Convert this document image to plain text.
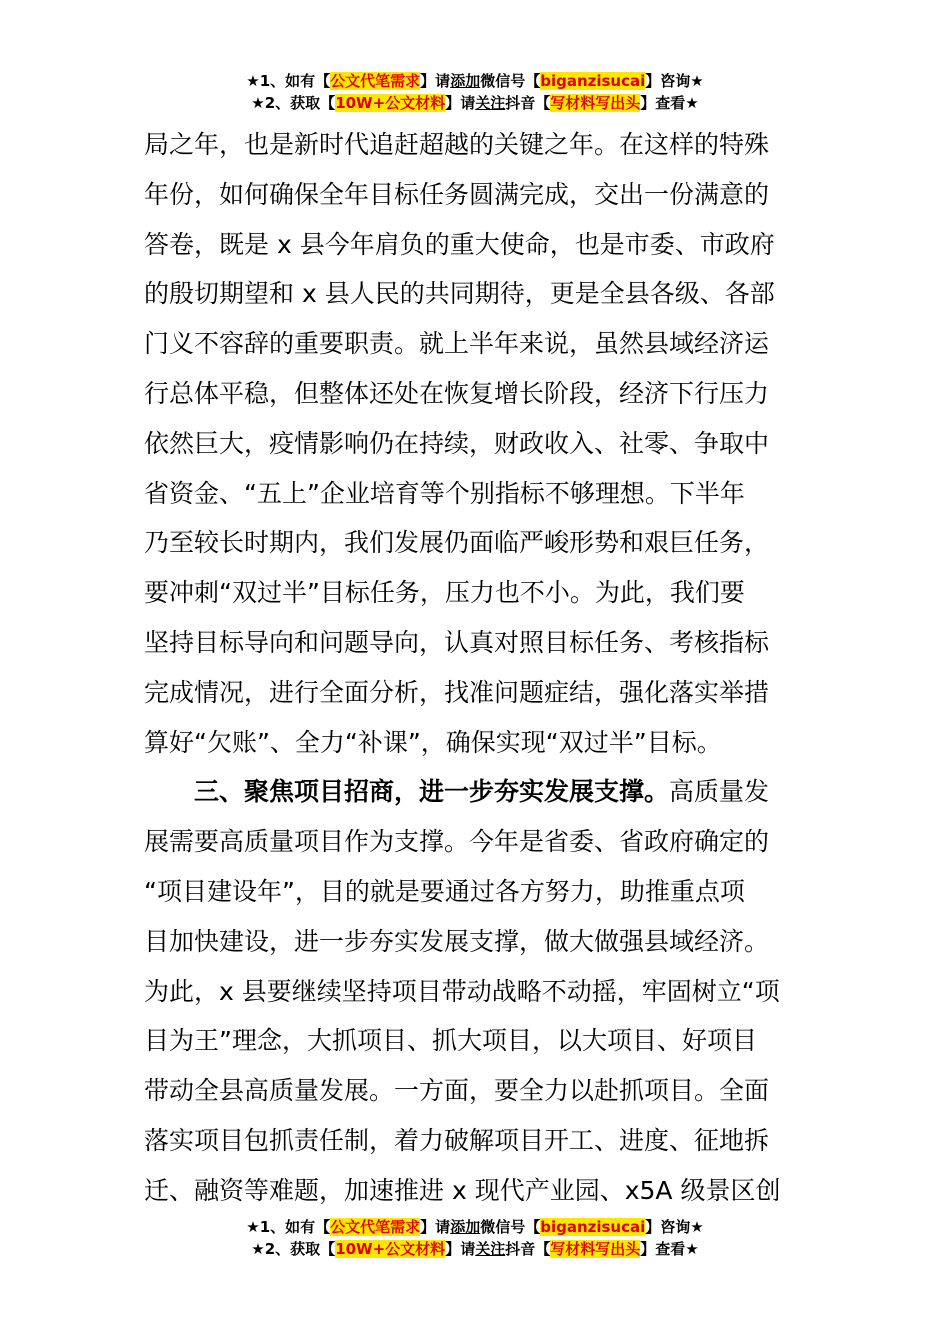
★1、如有【公文代笔需求】请添加微信号【biganzisucai】咨询★
★2、获取【10W+公文材料】请关注抖音【写材料写出头】查看★
局之年，也是新时代追赶超越的关键之年。在这样的特殊
年份，如何确保全年目标任务圆满完成，交出一份满意的
答卷，既是 x 县今年肩负的重大使命，也是市委、市政府
的殷切期望和 x 县人民的共同期待，更是全县各级、各部
门义不容辞的重要职责。就上半年来说，虽然县域经济运
行总体平稳，但整体还处在恢复增长阶段，经济下行压力
依然巨大，疫情影响仍在持续，财政收入、社零、争取中
省资金、“五上”企业培育等个别指标不够理想。下半年
乃至较长时期内，我们发展仍面临严峻形势和艰巨任务，
要冲刺“双过半”目标任务，压力也不小。为此，我们要
坚持目标导向和问题导向，认真对照目标任务、考核指标
完成情况，进行全面分析，找准问题症结，强化落实举措
算好“欠账”、全力“补课”，确保实现“双过半”目标。
三、聚焦项目招商，进一步夯实发展支撑。高质量发
展需要高质量项目作为支撑。今年是省委、省政府确定的
“项目建设年”，目的就是要通过各方努力，助推重点项
目加快建设，进一步夯实发展支撑，做大做强县域经济。
为此，x 县要继续坚持项目带动战略不动摇，牢固树立“项
目为王”理念，大抓项目、抓大项目，以大项目、好项目
带动全县高质量发展。一方面，要全力以赴抓项目。全面
落实项目包抓责任制，着力破解项目开工、进度、征地拆
迁、融资等难题，加速推进 x 现代产业园、x5A 级景区创
★1、如有【公文代笔需求】请添加微信号【biganzisucai】咨询★
★2、获取【10W+公文材料】请关注抖音【写材料写出头】查看★
